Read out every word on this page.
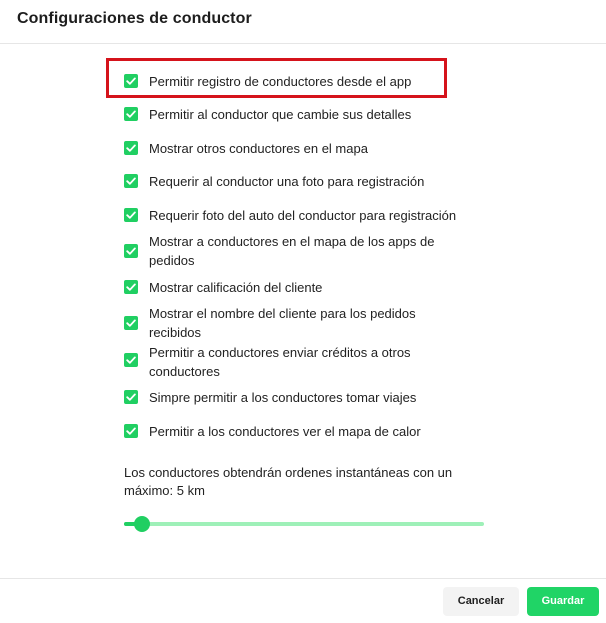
Configuraciones de conductor
Permitir registro de conductores desde el app
Permitir al conductor que cambie sus detalles
Mostrar otros conductores en el mapa
Requerir al conductor una foto para registración
Requerir foto del auto del conductor para registración
Mostrar a conductores en el mapa de los apps de pedidos
Mostrar calificación del cliente
Mostrar el nombre del cliente para los pedidos recibidos
Permitir a conductores enviar créditos a otros conductores
Simpre permitir a los conductores tomar viajes
Permitir a los conductores ver el mapa de calor
Los conductores obtendrán ordenes instantáneas con un máximo: 5 km
Cancelar	Guardar
